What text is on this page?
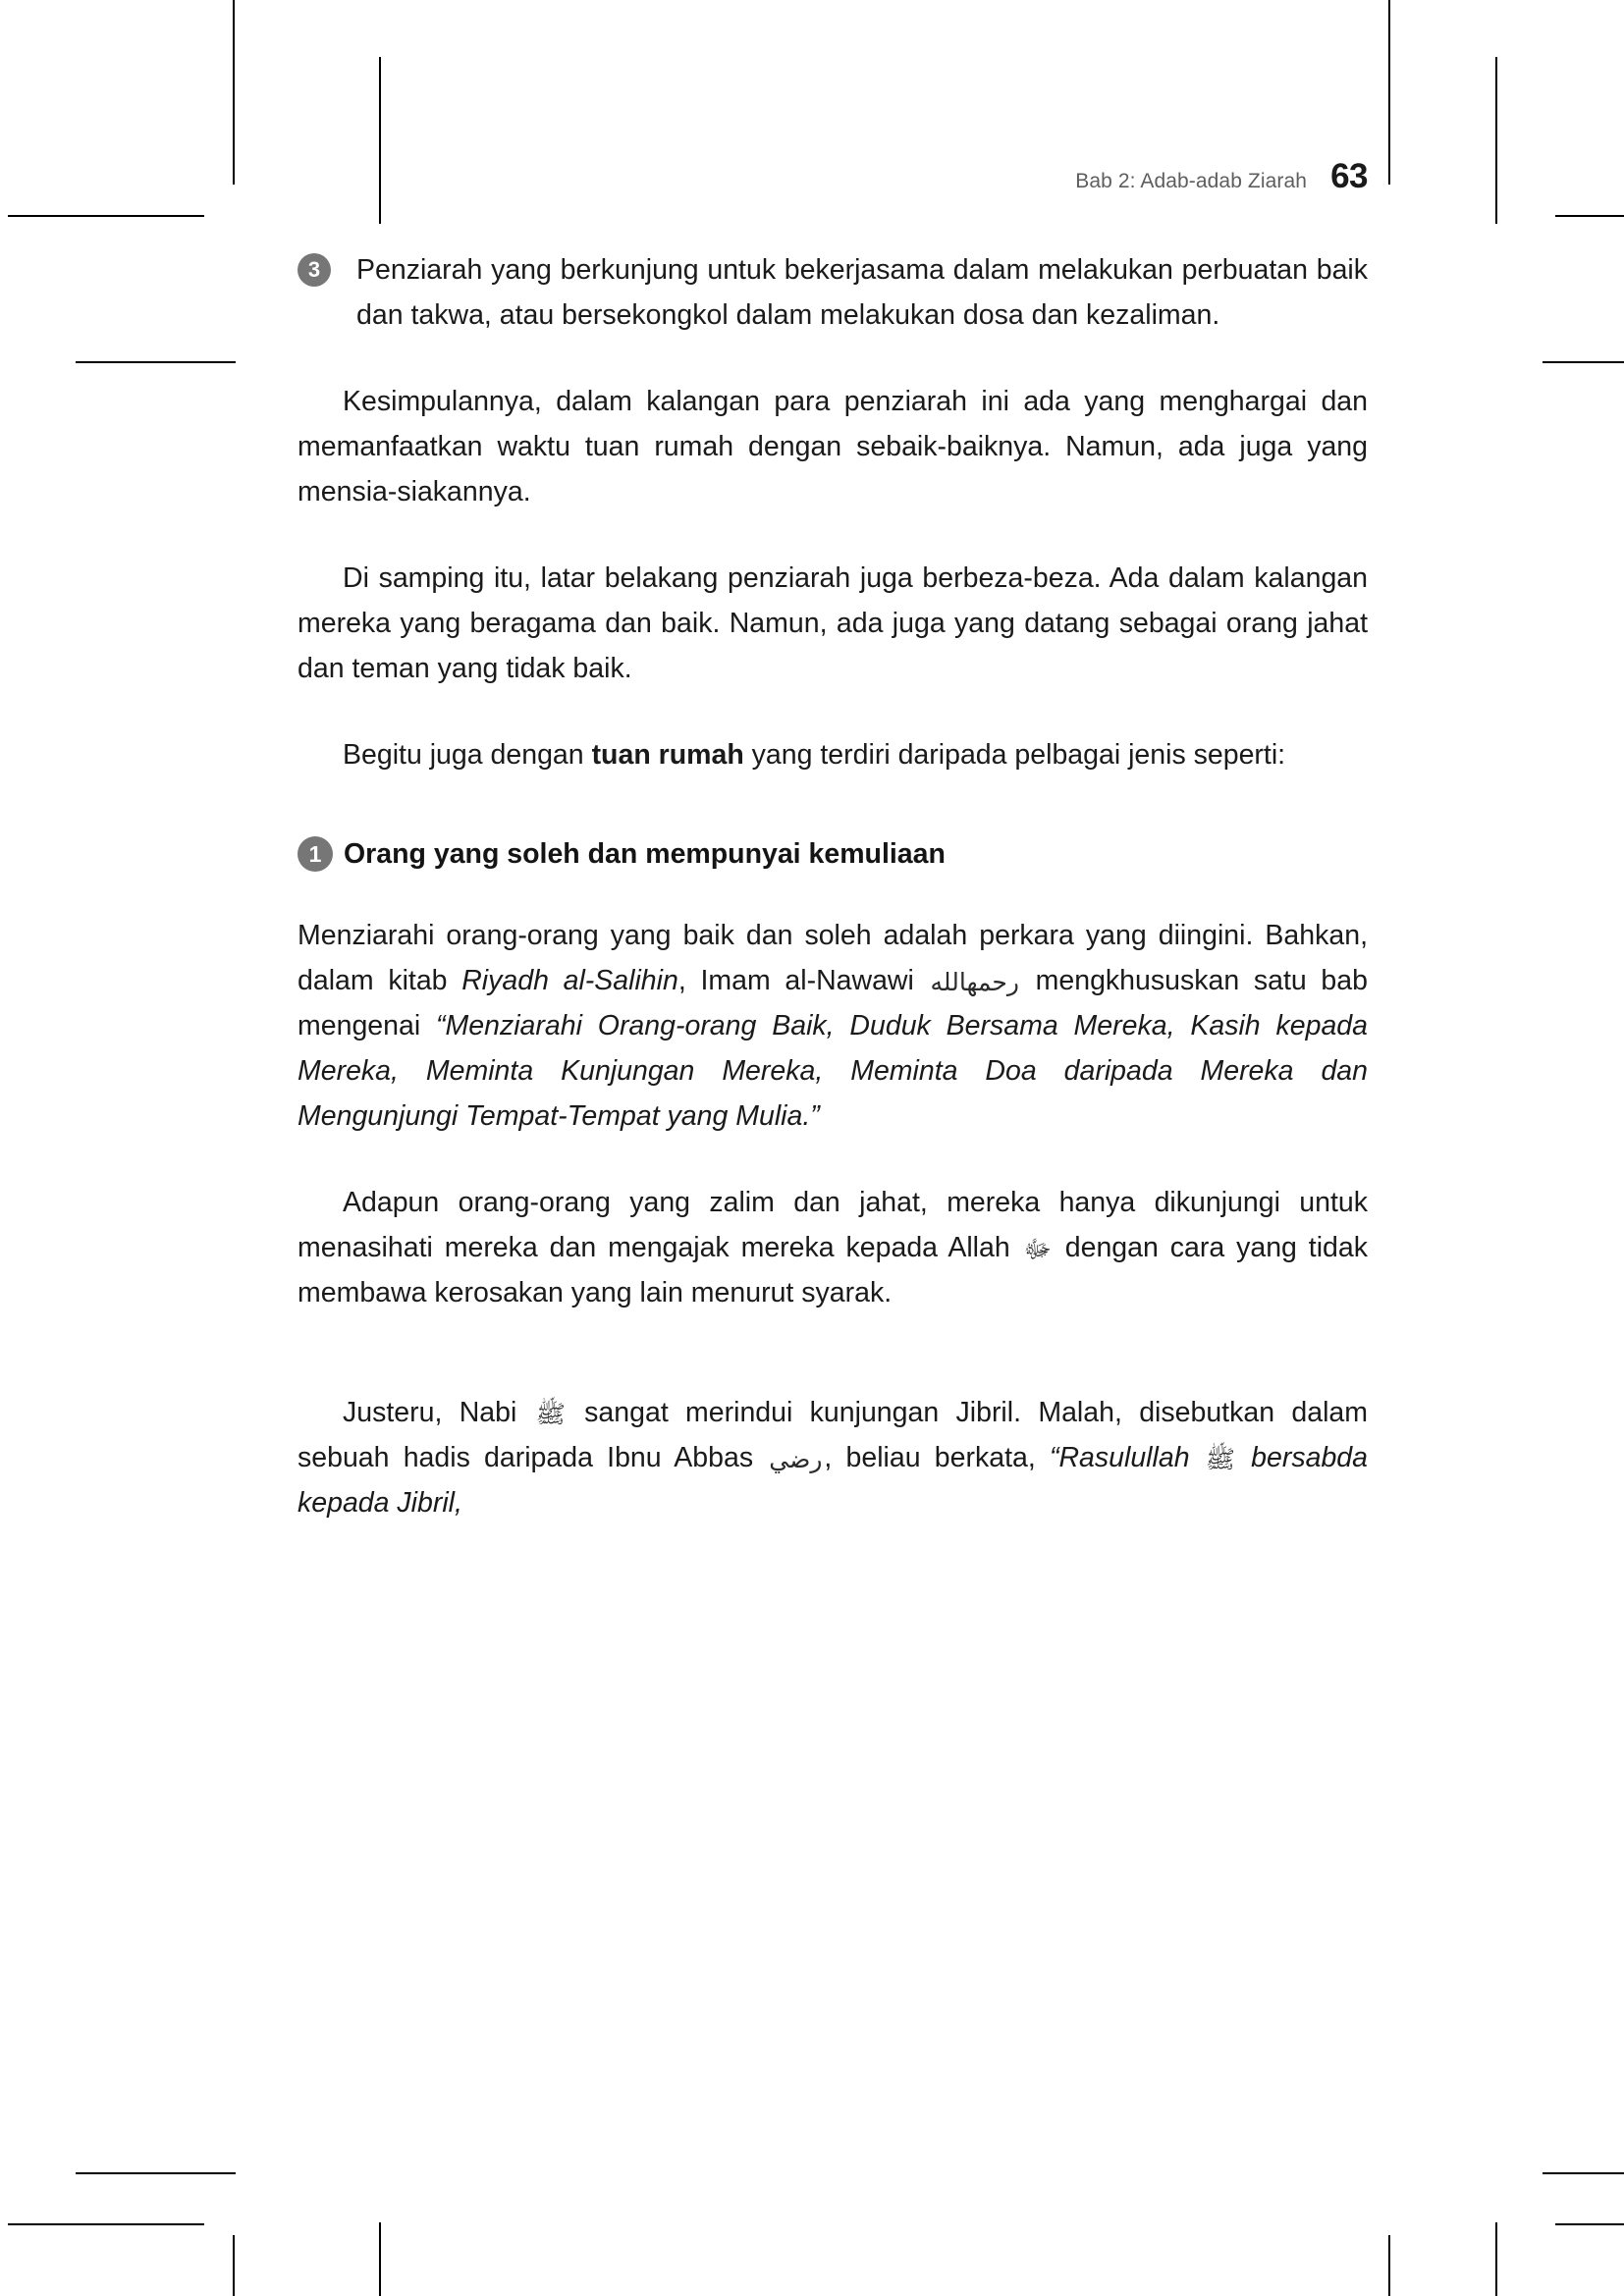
Bab 2: Adab-adab Ziarah 63
3	Penziarah yang berkunjung untuk bekerjasama dalam melakukan perbuatan baik dan takwa, atau bersekongkol dalam melakukan dosa dan kezaliman.

Kesimpulannya, dalam kalangan para penziarah ini ada yang menghargai dan memanfaatkan waktu tuan rumah dengan sebaik-baiknya. Namun, ada juga yang mensia-siakannya.

Di samping itu, latar belakang penziarah juga berbeza-beza. Ada dalam kalangan mereka yang beragama dan baik. Namun, ada juga yang datang sebagai orang jahat dan teman yang tidak baik.

Begitu juga dengan tuan rumah yang terdiri daripada pelbagai jenis seperti:

1 Orang yang soleh dan mempunyai kemuliaan

Menziarahi orang-orang yang baik dan soleh adalah perkara yang diingini. Bahkan, dalam kitab Riyadh al-Salihin, Imam al-Nawawi رحمهالله mengkhususkan satu bab mengenai “Menziarahi Orang-orang Baik, Duduk Bersama Mereka, Kasih kepada Mereka, Meminta Kunjungan Mereka, Meminta Doa daripada Mereka dan Mengunjungi Tempat-Tempat yang Mulia.”

Adapun orang-orang yang zalim dan jahat, mereka hanya dikunjungi untuk menasihati mereka dan mengajak mereka kepada Allah ﷻ dengan cara yang tidak membawa kerosakan yang lain menurut syarak.

Justeru, Nabi ﷺ sangat merindui kunjungan Jibril. Malah, disebutkan dalam sebuah hadis daripada Ibnu Abbas رضي, beliau berkata, “Rasulullah ﷺ bersabda kepada Jibril,
